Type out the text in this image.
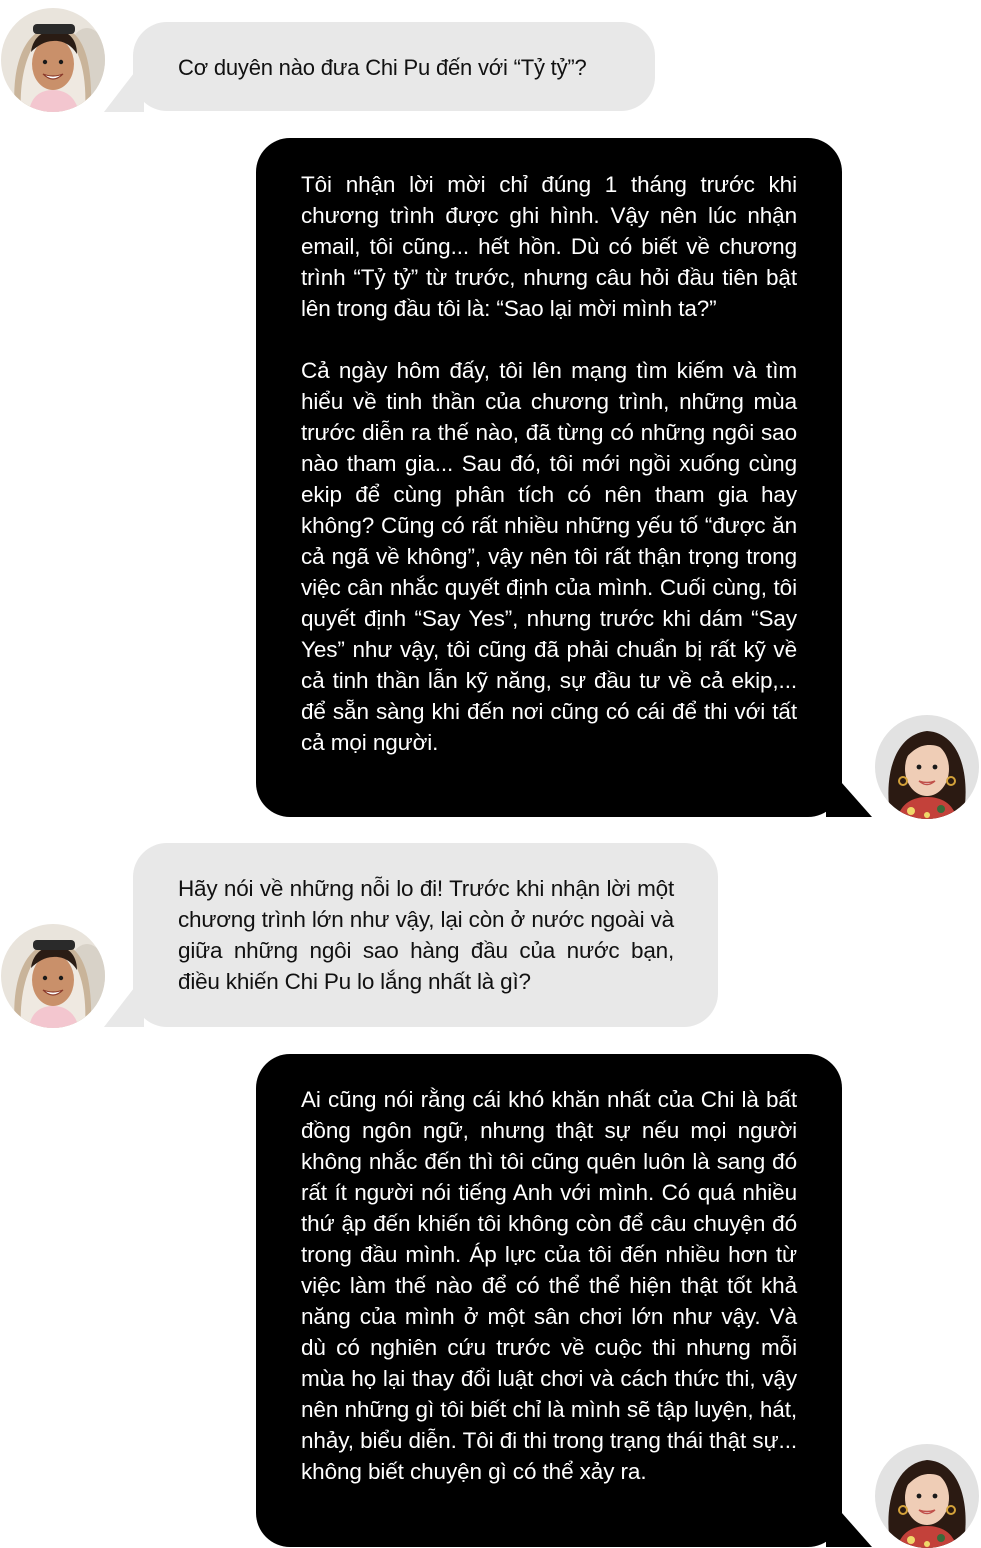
Cơ duyên nào đưa Chi Pu đến với “Tỷ tỷ”?

Tôi nhận lời mời chỉ đúng 1 tháng trước khi chương trình được ghi hình. Vậy nên lúc nhận email, tôi cũng... hết hồn. Dù có biết về chương trình “Tỷ tỷ” từ trước, nhưng câu hỏi đầu tiên bật lên trong đầu tôi là: “Sao lại mời mình ta?”

Cả ngày hôm đấy, tôi lên mạng tìm kiếm và tìm hiểu về tinh thần của chương trình, những mùa trước diễn ra thế nào, đã từng có những ngôi sao nào tham gia... Sau đó, tôi mới ngồi xuống cùng ekip để cùng phân tích có nên tham gia hay không? Cũng có rất nhiều những yếu tố “được ăn cả ngã về không”, vậy nên tôi rất thận trọng trong việc cân nhắc quyết định của mình. Cuối cùng, tôi quyết định “Say Yes”, nhưng trước khi dám “Say Yes” như vậy, tôi cũng đã phải chuẩn bị rất kỹ về cả tinh thần lẫn kỹ năng, sự đầu tư về cả ekip,... để sẵn sàng khi đến nơi cũng có cái để thi với tất cả mọi người.

Hãy nói về những nỗi lo đi! Trước khi nhận lời một chương trình lớn như vậy, lại còn ở nước ngoài và giữa những ngôi sao hàng đầu của nước bạn, điều khiến Chi Pu lo lắng nhất là gì?

Ai cũng nói rằng cái khó khăn nhất của Chi là bất đồng ngôn ngữ, nhưng thật sự nếu mọi người không nhắc đến thì tôi cũng quên luôn là sang đó rất ít người nói tiếng Anh với mình. Có quá nhiều thứ ập đến khiến tôi không còn để câu chuyện đó trong đầu mình. Áp lực của tôi đến nhiều hơn từ việc làm thế nào để có thể thể hiện thật tốt khả năng của mình ở một sân chơi lớn như vậy. Và dù có nghiên cứu trước về cuộc thi nhưng mỗi mùa họ lại thay đổi luật chơi và cách thức thi, vậy nên những gì tôi biết chỉ là mình sẽ tập luyện, hát, nhảy, biểu diễn. Tôi đi thi trong trạng thái thật sự... không biết chuyện gì có thể xảy ra.
